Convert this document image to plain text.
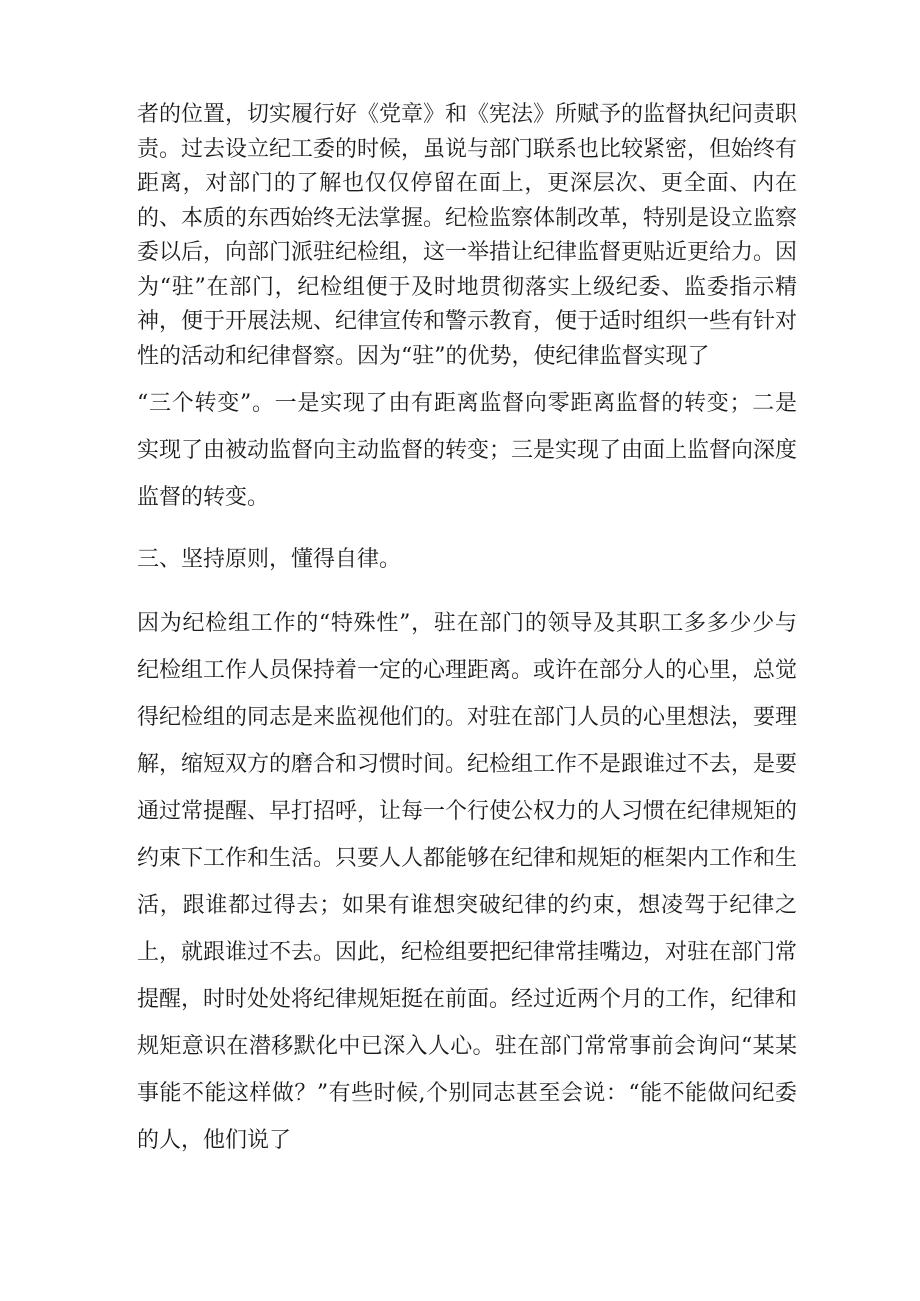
者的位置，切实履行好《党章》和《宪法》所赋予的监督执纪问责职责。过去设立纪工委的时候，虽说与部门联系也比较紧密，但始终有距离，对部门的了解也仅仅停留在面上，更深层次、更全面、内在的、本质的东西始终无法掌握。纪检监察体制改革，特别是设立监察委以后，向部门派驻纪检组，这一举措让纪律监督更贴近更给力。因为“驻”在部门，纪检组便于及时地贯彻落实上级纪委、监委指示精神，便于开展法规、纪律宣传和警示教育，便于适时组织一些有针对性的活动和纪律督察。因为“驻”的优势，使纪律监督实现了

“三个转变”。一是实现了由有距离监督向零距离监督的转变；二是实现了由被动监督向主动监督的转变；三是实现了由面上监督向深度监督的转变。

三、坚持原则，懂得自律。

因为纪检组工作的“特殊性”，驻在部门的领导及其职工多多少少与纪检组工作人员保持着一定的心理距离。或许在部分人的心里，总觉得纪检组的同志是来监视他们的。对驻在部门人员的心里想法，要理解，缩短双方的磨合和习惯时间。纪检组工作不是跟谁过不去，是要通过常提醒、早打招呼，让每一个行使公权力的人习惯在纪律规矩的约束下工作和生活。只要人人都能够在纪律和规矩的框架内工作和生活，跟谁都过得去；如果有谁想突破纪律的约束，想凌驾于纪律之上，就跟谁过不去。因此，纪检组要把纪律常挂嘴边，对驻在部门常提醒，时时处处将纪律规矩挺在前面。经过近两个月的工作，纪律和规矩意识在潜移默化中已深入人心。驻在部门常常事前会询问“某某事能不能这样做？”有些时候,个别同志甚至会说：“能不能做问纪委的人，他们说了
